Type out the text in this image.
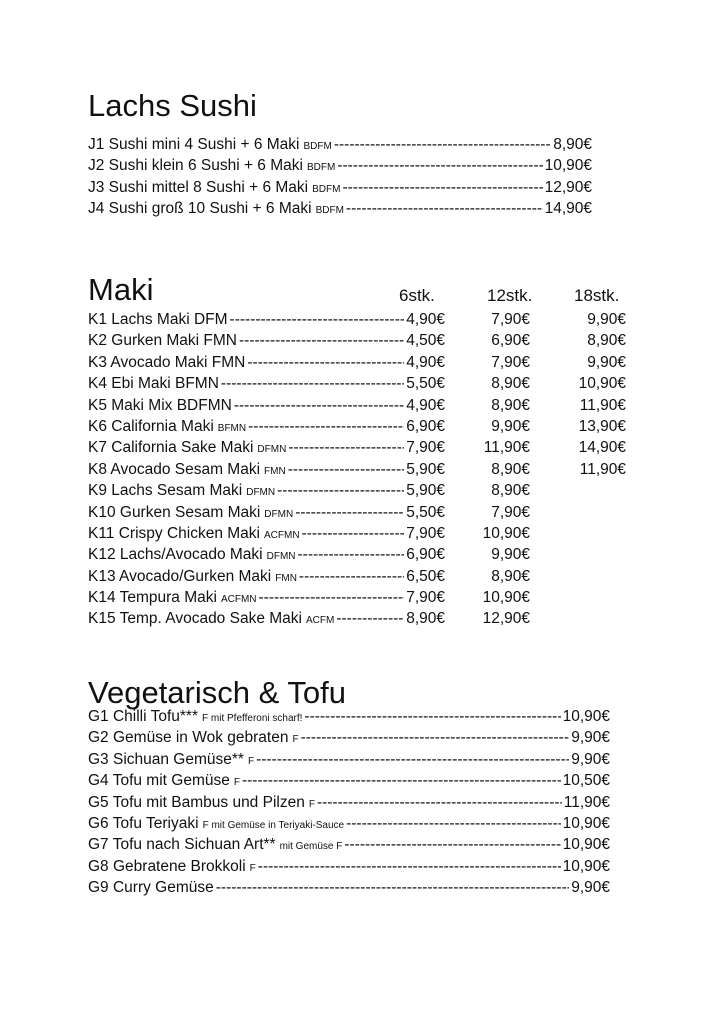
Lachs Sushi
J1 Sushi mini 4 Sushi + 6 Maki BDFM -----	8,90€
J2 Sushi klein 6 Sushi + 6 Maki BDFM -----	10,90€
J3 Sushi mittel 8 Sushi + 6 Maki BDFM -----	12,90€
J4 Sushi groß 10 Sushi + 6 Maki BDFM -----	14,90€
Maki	6stk.	12stk. 18stk.
K1 Lachs Maki DFM -----	4,90€	7,90€	9,90€
K2 Gurken Maki FMN -----	4,50€	6,90€	8,90€
K3 Avocado Maki FMN -----	4,90€	7,90€	9,90€
K4 Ebi Maki BFMN -----	5,50€	8,90€	10,90€
K5 Maki Mix BDFMN -----	4,90€	8,90€	11,90€
K6 California Maki BFMN -----	6,90€	9,90€	13,90€
K7 California Sake Maki DFMN -----	7,90€	11,90€	14,90€
K8 Avocado Sesam Maki FMN -----	5,90€	8,90€	11,90€
K9 Lachs Sesam Maki DFMN -----	5,90€	8,90€
K10 Gurken Sesam Maki DFMN -----	5,50€	7,90€
K11 Crispy Chicken Maki ACFMN -----	7,90€	10,90€
K12 Lachs/Avocado Maki DFMN -----	6,90€	9,90€
K13 Avocado/Gurken Maki FMN -----	6,50€	8,90€
K14 Tempura Maki ACFMN -----	7,90€	10,90€
K15 Temp. Avocado Sake Maki ACFM -----	8,90€	12,90€
Vegetarisch & Tofu
G1 Chilli Tofu*** F mit Pfefferoni scharf! -----	10,90€
G2 Gemüse in Wok gebraten F -----	9,90€
G3 Sichuan Gemüse** F -----	9,90€
G4 Tofu mit Gemüse F -----	10,50€
G5 Tofu mit Bambus und Pilzen F -----	11,90€
G6 Tofu Teriyaki F mit Gemüse in Teriyaki-Sauce -----	10,90€
G7 Tofu nach Sichuan Art** mit Gemüse F -----	10,90€
G8 Gebratene Brokkoli F -----	10,90€
G9 Curry Gemüse -----	9,90€
